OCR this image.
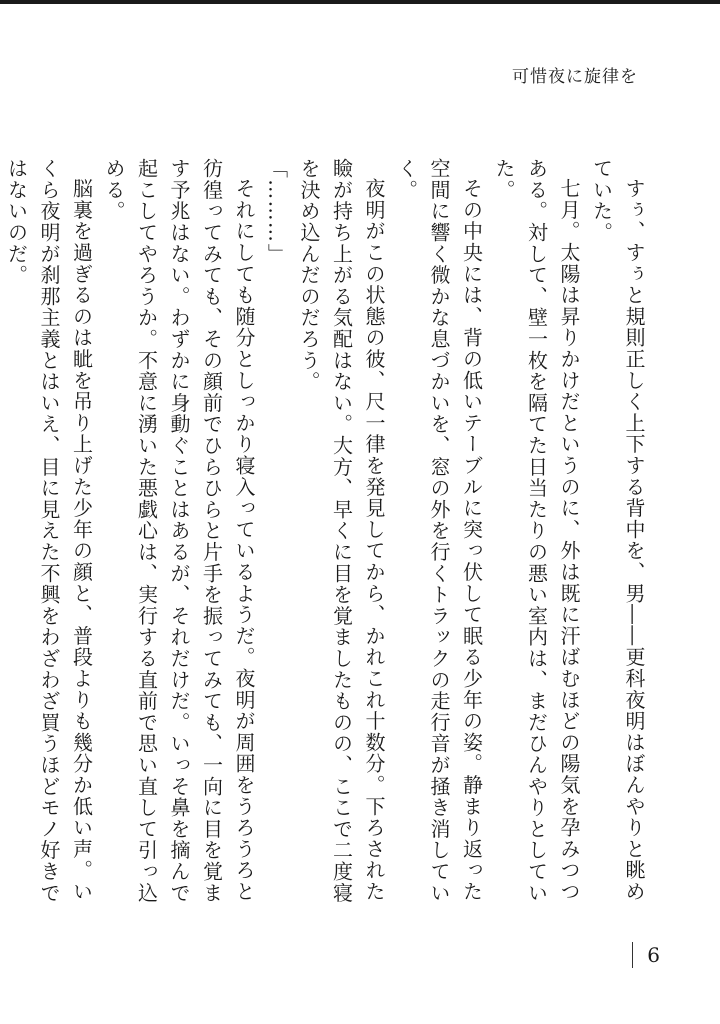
可惜夜に旋律を

すぅ、すぅと規則正しく上下する背中を、男――更科夜明はぼんやりと眺めていた。

七月。太陽は昇りかけだというのに、外は既に汗ばむほどの陽気を孕みつつある。対して、壁一枚を隔てた日当たりの悪い室内は、まだひんやりとしていた。

その中央には、背の低いテーブルに突っ伏して眠る少年の姿。静まり返った空間に響く微かな息づかいを、窓の外を行くトラックの走行音が掻き消していく。

夜明がこの状態の彼、尺一律を発見してから、かれこれ十数分。下ろされた瞼が持ち上がる気配はない。大方、早くに目を覚ましたものの、ここで二度寝を決め込んだのだろう。

「………」

それにしても随分としっかり寝入っているようだ。夜明が周囲をうろうろと彷徨ってみても、その顔前でひらひらと片手を振ってみても、一向に目を覚ます予兆はない。わずかに身動ぐことはあるが、それだけだ。いっそ鼻を摘んで起こしてやろうか。不意に湧いた悪戯心は、実行する直前で思い直して引っ込める。

脳裏を過ぎるのは眦を吊り上げた少年の顔と、普段よりも幾分か低い声。いくら夜明が刹那主義とはいえ、目に見えた不興をわざわざ買うほどモノ好きではないのだ。

6
